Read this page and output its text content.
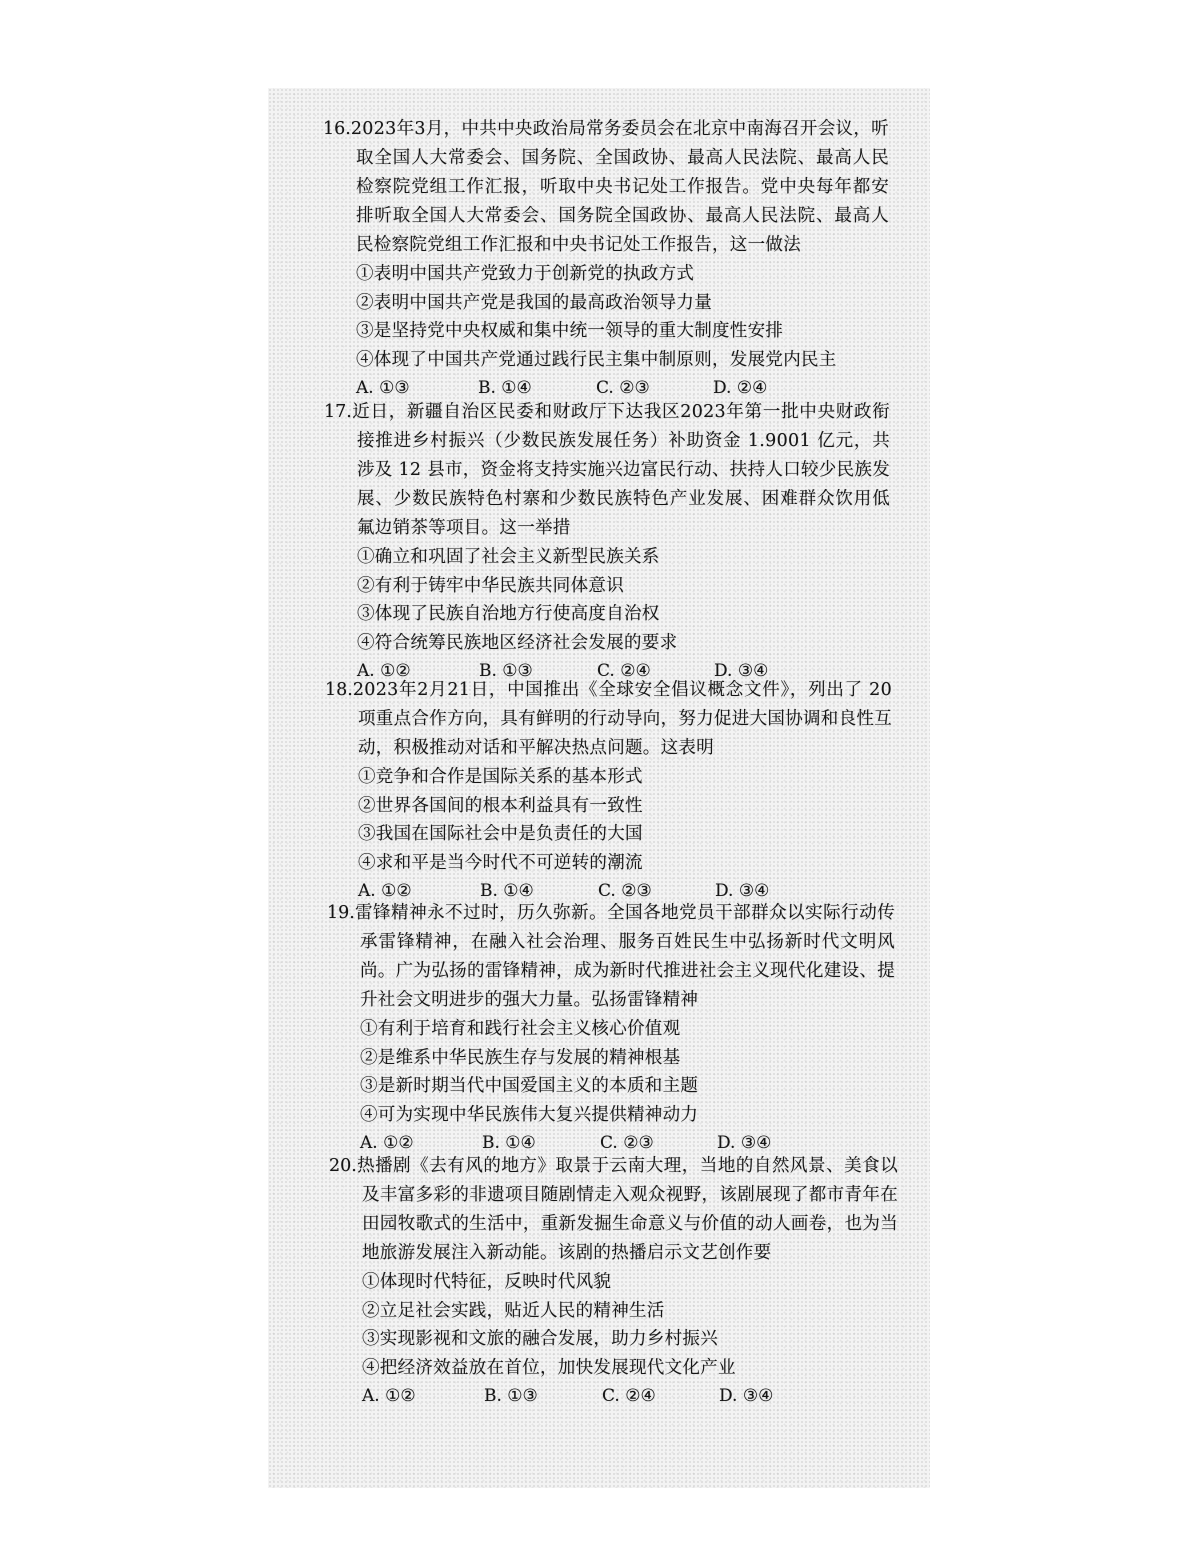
16.2023年3月，中共中央政治局常务委员会在北京中南海召开会议，听取全国人大常委会、国务院、全国政协、最高人民法院、最高人民检察院党组工作汇报，听取中央书记处工作报告。党中央每年都安排听取全国人大常委会、国务院全国政协、最高人民法院、最高人民检察院党组工作汇报和中央书记处工作报告，这一做法

①表明中国共产党致力于创新党的执政方式
②表明中国共产党是我国的最高政治领导力量
③是坚持党中央权威和集中统一领导的重大制度性安排
④体现了中国共产党通过践行民主集中制原则，发展党内民主
A. ①③	B. ①④	C. ②③	D. ②④

17.近日，新疆自治区民委和财政厅下达我区2023年第一批中央财政衔接推进乡村振兴（少数民族发展任务）补助资金 1.9001 亿元，共涉及 12 县市，资金将支持实施兴边富民行动、扶持人口较少民族发展、少数民族特色村寨和少数民族特色产业发展、困难群众饮用低氟边销茶等项目。这一举措

①确立和巩固了社会主义新型民族关系
②有利于铸牢中华民族共同体意识
③体现了民族自治地方行使高度自治权
④符合统筹民族地区经济社会发展的要求
A. ①②	B. ①③	C. ②④	D. ③④

18.2023年2月21日，中国推出《全球安全倡议概念文件》，列出了 20 项重点合作方向，具有鲜明的行动导向，努力促进大国协调和良性互动，积极推动对话和平解决热点问题。这表明

①竞争和合作是国际关系的基本形式
②世界各国间的根本利益具有一致性
③我国在国际社会中是负责任的大国
④求和平是当今时代不可逆转的潮流
A. ①②	B. ①④	C. ②③	D. ③④

19.雷锋精神永不过时，历久弥新。全国各地党员干部群众以实际行动传承雷锋精神，在融入社会治理、服务百姓民生中弘扬新时代文明风尚。广为弘扬的雷锋精神，成为新时代推进社会主义现代化建设、提升社会文明进步的强大力量。弘扬雷锋精神

①有利于培育和践行社会主义核心价值观
②是维系中华民族生存与发展的精神根基
③是新时期当代中国爱国主义的本质和主题
④可为实现中华民族伟大复兴提供精神动力
A. ①②	B. ①④	C. ②③	D. ③④

20.热播剧《去有风的地方》取景于云南大理，当地的自然风景、美食以及丰富多彩的非遗项目随剧情走入观众视野，该剧展现了都市青年在田园牧歌式的生活中，重新发掘生命意义与价值的动人画卷，也为当地旅游发展注入新动能。该剧的热播启示文艺创作要

①体现时代特征，反映时代风貌
②立足社会实践，贴近人民的精神生活
③实现影视和文旅的融合发展，助力乡村振兴
④把经济效益放在首位，加快发展现代文化产业
A. ①②	B. ①③	C. ②④	D. ③④
